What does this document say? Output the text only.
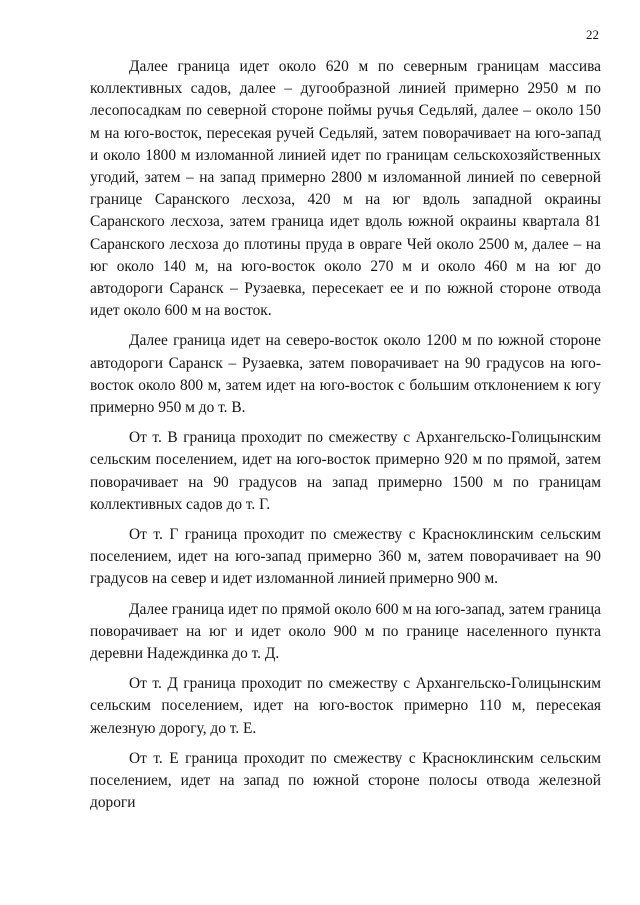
22

Далее граница идет около 620 м по северным границам массива коллективных садов, далее – дугообразной линией примерно 2950 м по лесопосадкам по северной стороне поймы ручья Седьляй, далее – около 150 м на юго-восток, пересекая ручей Седьляй, затем поворачивает на юго-запад и около 1800 м изломанной линией идет по границам сельскохозяйственных угодий, затем – на запад примерно 2800 м изломанной линией по северной границе Саранского лесхоза, 420 м на юг вдоль западной окраины Саранского лесхоза, затем граница идет вдоль южной окраины квартала 81 Саранского лесхоза до плотины пруда в овраге Чей около 2500 м, далее – на юг около 140 м, на юго-восток около 270 м и около 460 м на юг до автодороги Саранск – Рузаевка, пересекает ее и по южной стороне отвода идет около 600 м на восток.

Далее граница идет на северо-восток около 1200 м по южной стороне автодороги Саранск – Рузаевка, затем поворачивает на 90 градусов на юго-восток около 800 м, затем идет на юго-восток с большим отклонением к югу примерно 950 м до т. В.

От т. В граница проходит по смежеству с Архангельско-Голицынским сельским поселением, идет на юго-восток примерно 920 м по прямой, затем поворачивает на 90 градусов на запад примерно 1500 м по границам коллективных садов до т. Г.

От т. Г граница проходит по смежеству с Красноклинским сельским поселением, идет на юго-запад примерно 360 м, затем поворачивает на 90 градусов на север и идет изломанной линией примерно 900 м.

Далее граница идет по прямой около 600 м на юго-запад, затем граница поворачивает на юг и идет около 900 м по границе населенного пункта деревни Надеждинка до т. Д.

От т. Д граница проходит по смежеству с Архангельско-Голицынским сельским поселением, идет на юго-восток примерно 110 м, пересекая железную дорогу, до т. Е.

От т. Е граница проходит по смежеству с Красноклинским сельским поселением, идет на запад по южной стороне полосы отвода железной дороги
